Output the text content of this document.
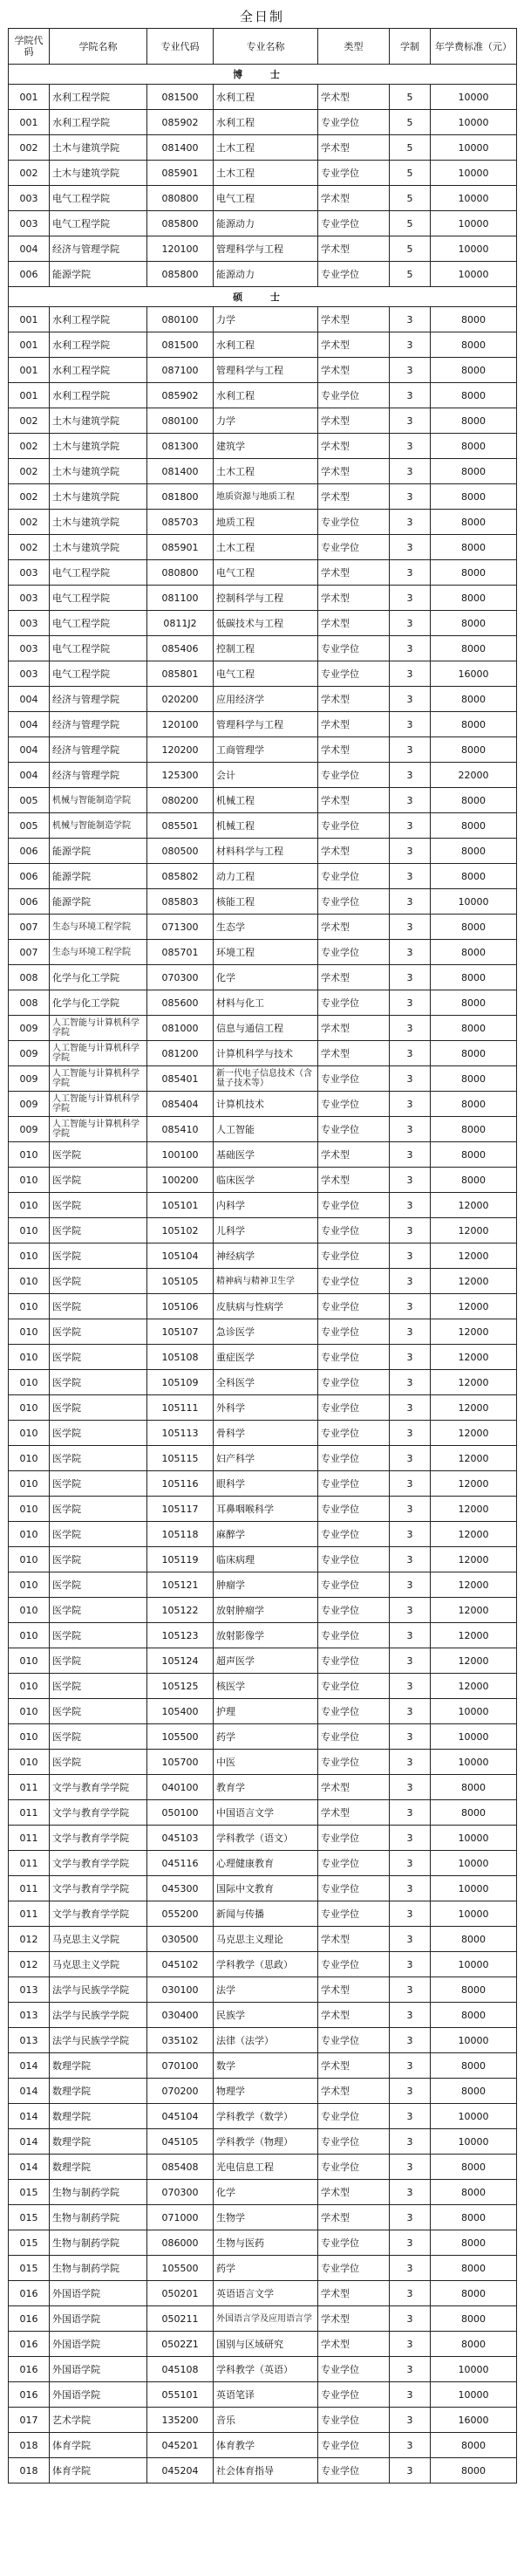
全日制
学院代码	学院名称	专业代码	专业名称	类型	学制	年学费标准（元）
博 士						
001	水利工程学院	081500	水利工程	学术型	5	10000
001	水利工程学院	085902	水利工程	专业学位	5	10000
002	土木与建筑学院	081400	土木工程	学术型	5	10000
002	土木与建筑学院	085901	土木工程	专业学位	5	10000
003	电气工程学院	080800	电气工程	学术型	5	10000
003	电气工程学院	085800	能源动力	专业学位	5	10000
004	经济与管理学院	120100	管理科学与工程	学术型	5	10000
006	能源学院	085800	能源动力	专业学位	5	10000
硕 士						
001	水利工程学院	080100	力学	学术型	3	8000
001	水利工程学院	081500	水利工程	学术型	3	8000
001	水利工程学院	087100	管理科学与工程	学术型	3	8000
001	水利工程学院	085902	水利工程	专业学位	3	8000
002	土木与建筑学院	080100	力学	学术型	3	8000
002	土木与建筑学院	081300	建筑学	学术型	3	8000
002	土木与建筑学院	081400	土木工程	学术型	3	8000
002	土木与建筑学院	081800	地质资源与地质工程	学术型	3	8000
002	土木与建筑学院	085703	地质工程	专业学位	3	8000
002	土木与建筑学院	085901	土木工程	专业学位	3	8000
003	电气工程学院	080800	电气工程	学术型	3	8000
003	电气工程学院	081100	控制科学与工程	学术型	3	8000
003	电气工程学院	0811J2	低碳技术与工程	学术型	3	8000
003	电气工程学院	085406	控制工程	专业学位	3	8000
003	电气工程学院	085801	电气工程	专业学位	3	16000
004	经济与管理学院	020200	应用经济学	学术型	3	8000
004	经济与管理学院	120100	管理科学与工程	学术型	3	8000
004	经济与管理学院	120200	工商管理学	学术型	3	8000
004	经济与管理学院	125300	会计	专业学位	3	22000
005	机械与智能制造学院	080200	机械工程	学术型	3	8000
005	机械与智能制造学院	085501	机械工程	专业学位	3	8000
006	能源学院	080500	材料科学与工程	学术型	3	8000
006	能源学院	085802	动力工程	专业学位	3	8000
006	能源学院	085803	核能工程	专业学位	3	10000
007	生态与环境工程学院	071300	生态学	学术型	3	8000
007	生态与环境工程学院	085701	环境工程	专业学位	3	8000
008	化学与化工学院	070300	化学	学术型	3	8000
008	化学与化工学院	085600	材料与化工	专业学位	3	8000
009	人工智能与计算机科学学院	081000	信息与通信工程	学术型	3	8000
009	人工智能与计算机科学学院	081200	计算机科学与技术	学术型	3	8000
009	人工智能与计算机科学学院	085401	新一代电子信息技术（含量子技术等）	专业学位	3	8000
009	人工智能与计算机科学学院	085404	计算机技术	专业学位	3	8000
009	人工智能与计算机科学学院	085410	人工智能	专业学位	3	8000
010	医学院	100100	基础医学	学术型	3	8000
010	医学院	100200	临床医学	学术型	3	8000
010	医学院	105101	内科学	专业学位	3	12000
010	医学院	105102	儿科学	专业学位	3	12000
010	医学院	105104	神经病学	专业学位	3	12000
010	医学院	105105	精神病与精神卫生学	专业学位	3	12000
010	医学院	105106	皮肤病与性病学	专业学位	3	12000
010	医学院	105107	急诊医学	专业学位	3	12000
010	医学院	105108	重症医学	专业学位	3	12000
010	医学院	105109	全科医学	专业学位	3	12000
010	医学院	105111	外科学	专业学位	3	12000
010	医学院	105113	骨科学	专业学位	3	12000
010	医学院	105115	妇产科学	专业学位	3	12000
010	医学院	105116	眼科学	专业学位	3	12000
010	医学院	105117	耳鼻咽喉科学	专业学位	3	12000
010	医学院	105118	麻醉学	专业学位	3	12000
010	医学院	105119	临床病理	专业学位	3	12000
010	医学院	105121	肿瘤学	专业学位	3	12000
010	医学院	105122	放射肿瘤学	专业学位	3	12000
010	医学院	105123	放射影像学	专业学位	3	12000
010	医学院	105124	超声医学	专业学位	3	12000
010	医学院	105125	核医学	专业学位	3	12000
010	医学院	105400	护理	专业学位	3	10000
010	医学院	105500	药学	专业学位	3	10000
010	医学院	105700	中医	专业学位	3	10000
011	文学与教育学学院	040100	教育学	学术型	3	8000
011	文学与教育学学院	050100	中国语言文学	学术型	3	8000
011	文学与教育学学院	045103	学科教学（语文）	专业学位	3	10000
011	文学与教育学学院	045116	心理健康教育	专业学位	3	10000
011	文学与教育学学院	045300	国际中文教育	专业学位	3	10000
011	文学与教育学学院	055200	新闻与传播	专业学位	3	10000
012	马克思主义学院	030500	马克思主义理论	学术型	3	8000
012	马克思主义学院	045102	学科教学（思政）	专业学位	3	10000
013	法学与民族学学院	030100	法学	学术型	3	8000
013	法学与民族学学院	030400	民族学	学术型	3	8000
013	法学与民族学学院	035102	法律（法学）	专业学位	3	10000
014	数理学院	070100	数学	学术型	3	8000
014	数理学院	070200	物理学	学术型	3	8000
014	数理学院	045104	学科教学（数学）	专业学位	3	10000
014	数理学院	045105	学科教学（物理）	专业学位	3	10000
014	数理学院	085408	光电信息工程	专业学位	3	8000
015	生物与制药学院	070300	化学	学术型	3	8000
015	生物与制药学院	071000	生物学	学术型	3	8000
015	生物与制药学院	086000	生物与医药	专业学位	3	8000
015	生物与制药学院	105500	药学	专业学位	3	8000
016	外国语学院	050201	英语语言文学	学术型	3	8000
016	外国语学院	050211	外国语言学及应用语言学	学术型	3	8000
016	外国语学院	0502Z1	国别与区域研究	学术型	3	8000
016	外国语学院	045108	学科教学（英语）	专业学位	3	10000
016	外国语学院	055101	英语笔译	专业学位	3	10000
017	艺术学院	135200	音乐	专业学位	3	16000
018	体育学院	045201	体育教学	专业学位	3	8000
018	体育学院	045204	社会体育指导	专业学位	3	8000
